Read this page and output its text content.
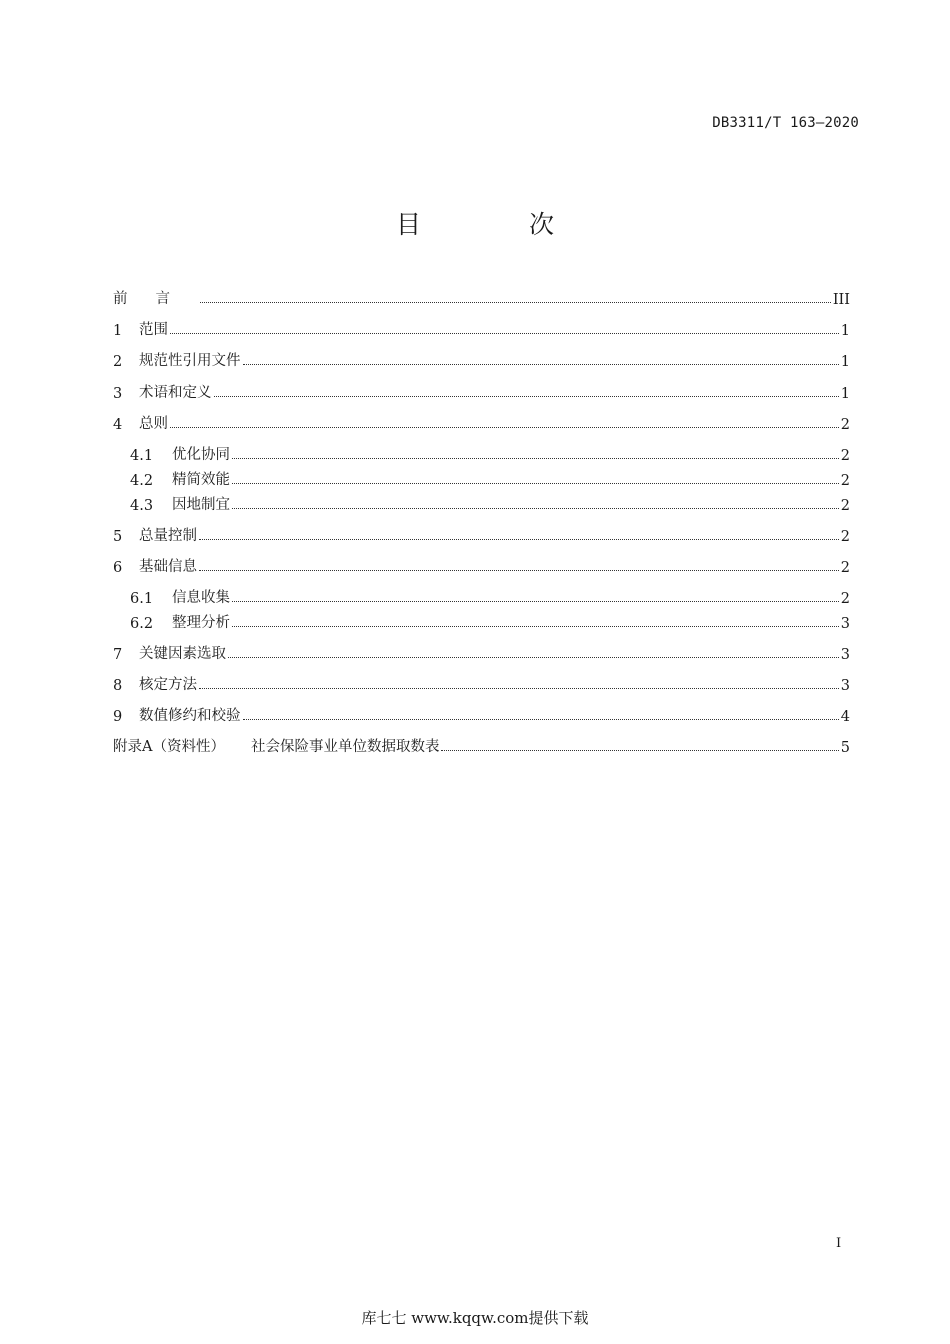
DB3311/T 163—2020
目 次
前言	III
1	范围	1
2	规范性引用文件	1
3	术语和定义	1
4	总则	2
4.1	优化协同	2
4.2	精简效能	2
4.3	因地制宜	2
5	总量控制	2
6	基础信息	2
6.1	信息收集	2
6.2	整理分析	3
7	关键因素选取	3
8	核定方法	3
9	数值修约和校验	4
附录A（资料性） 社会保险事业单位数据取数表	5
I
库七七 www.kqqw.com提供下载
